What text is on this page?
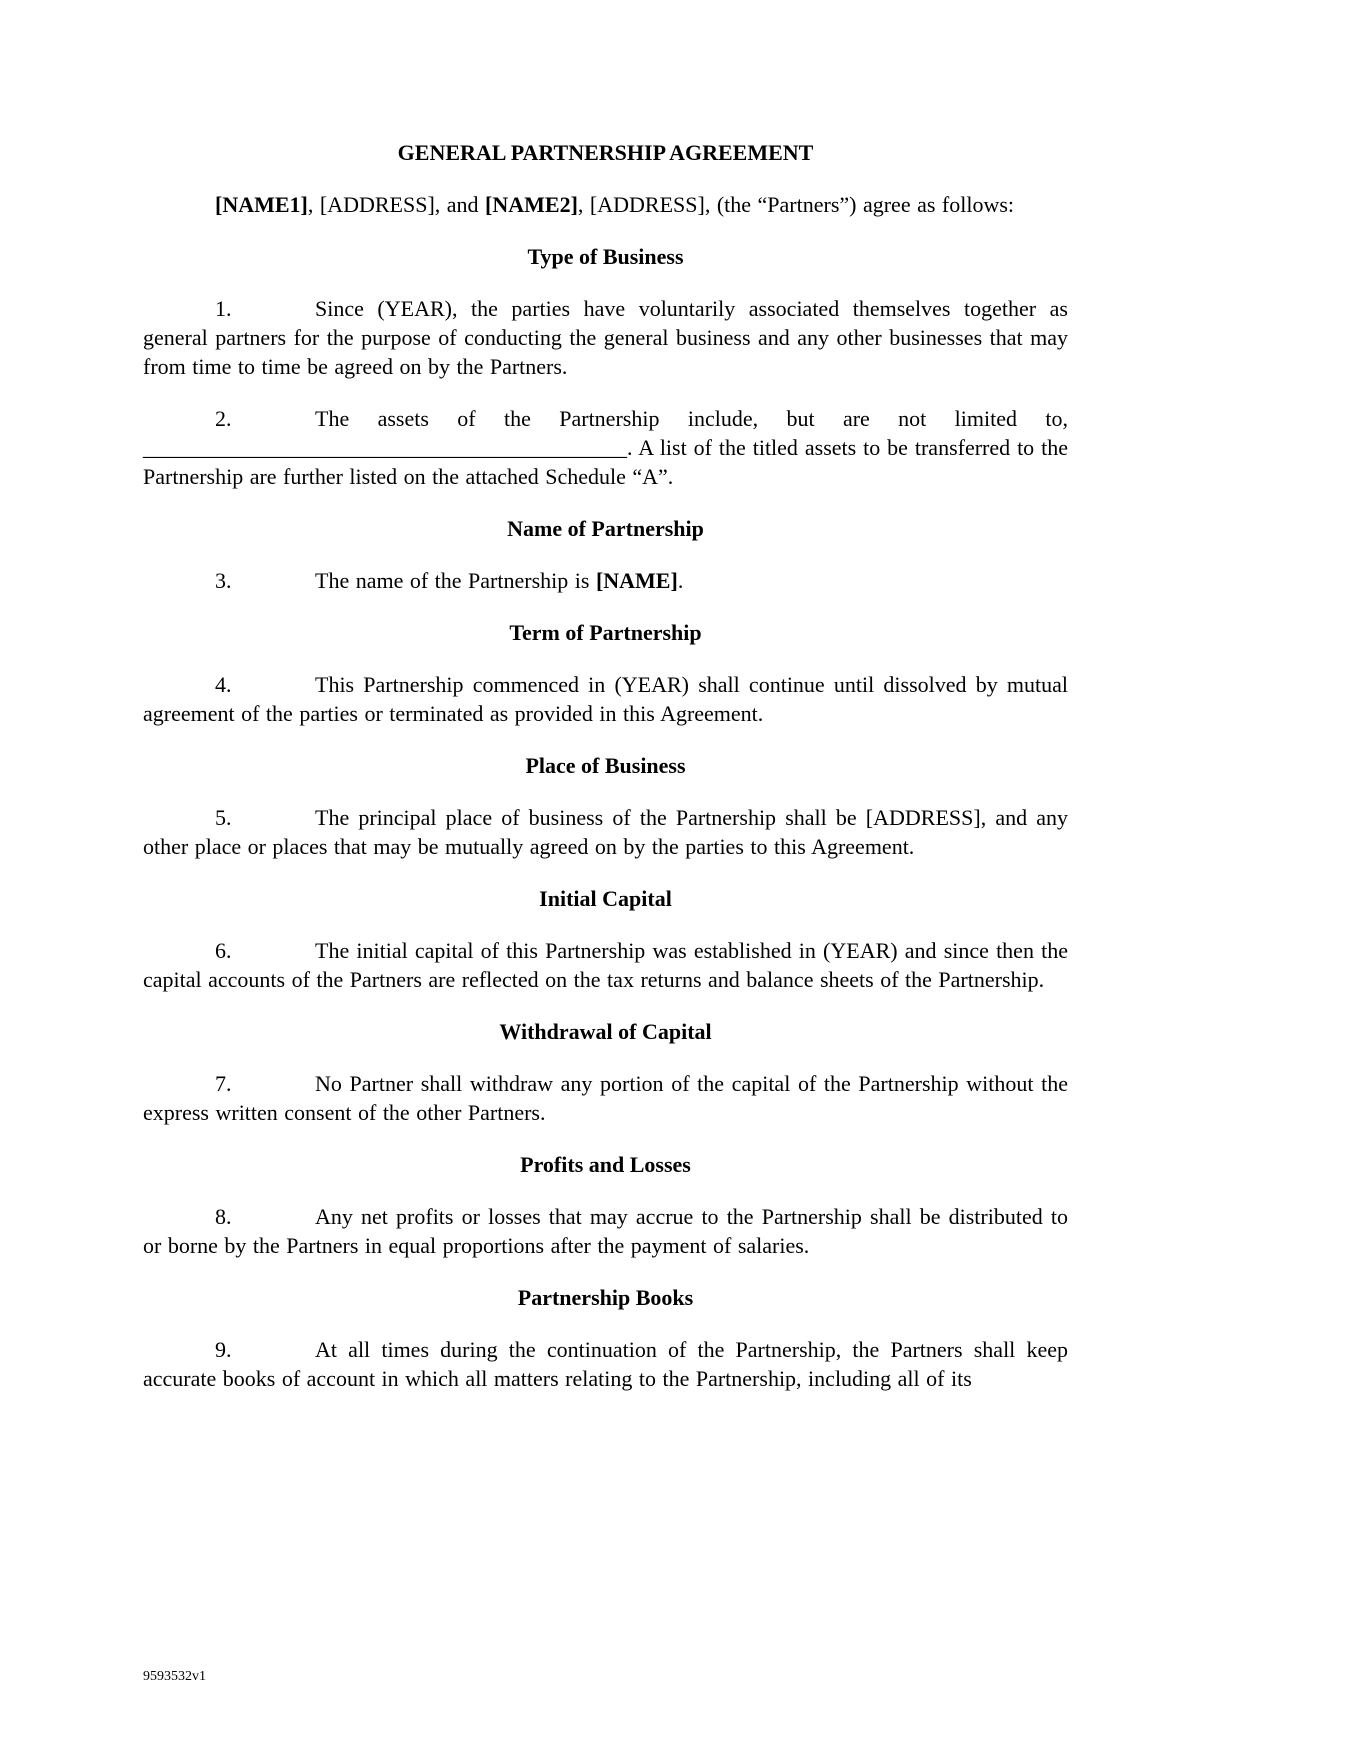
GENERAL PARTNERSHIP AGREEMENT
[NAME1], [ADDRESS], and [NAME2], [ADDRESS], (the “Partners”) agree as follows:
Type of Business
1.	Since (YEAR), the parties have voluntarily associated themselves together as general partners for the purpose of conducting the general business and any other businesses that may from time to time be agreed on by the Partners.
2.	The assets of the Partnership include, but are not limited to, ____________________________________________. A list of the titled assets to be transferred to the Partnership are further listed on the attached Schedule “A”.
Name of Partnership
3.	The name of the Partnership is [NAME].
Term of Partnership
4.	This Partnership commenced in (YEAR) shall continue until dissolved by mutual agreement of the parties or terminated as provided in this Agreement.
Place of Business
5.	The principal place of business of the Partnership shall be [ADDRESS], and any other place or places that may be mutually agreed on by the parties to this Agreement.
Initial Capital
6.	The initial capital of this Partnership was established in (YEAR) and since then the capital accounts of the Partners are reflected on the tax returns and balance sheets of the Partnership.
Withdrawal of Capital
7.	No Partner shall withdraw any portion of the capital of the Partnership without the express written consent of the other Partners.
Profits and Losses
8.	Any net profits or losses that may accrue to the Partnership shall be distributed to or borne by the Partners in equal proportions after the payment of salaries.
Partnership Books
9.	At all times during the continuation of the Partnership, the Partners shall keep accurate books of account in which all matters relating to the Partnership, including all of its
9593532v1
